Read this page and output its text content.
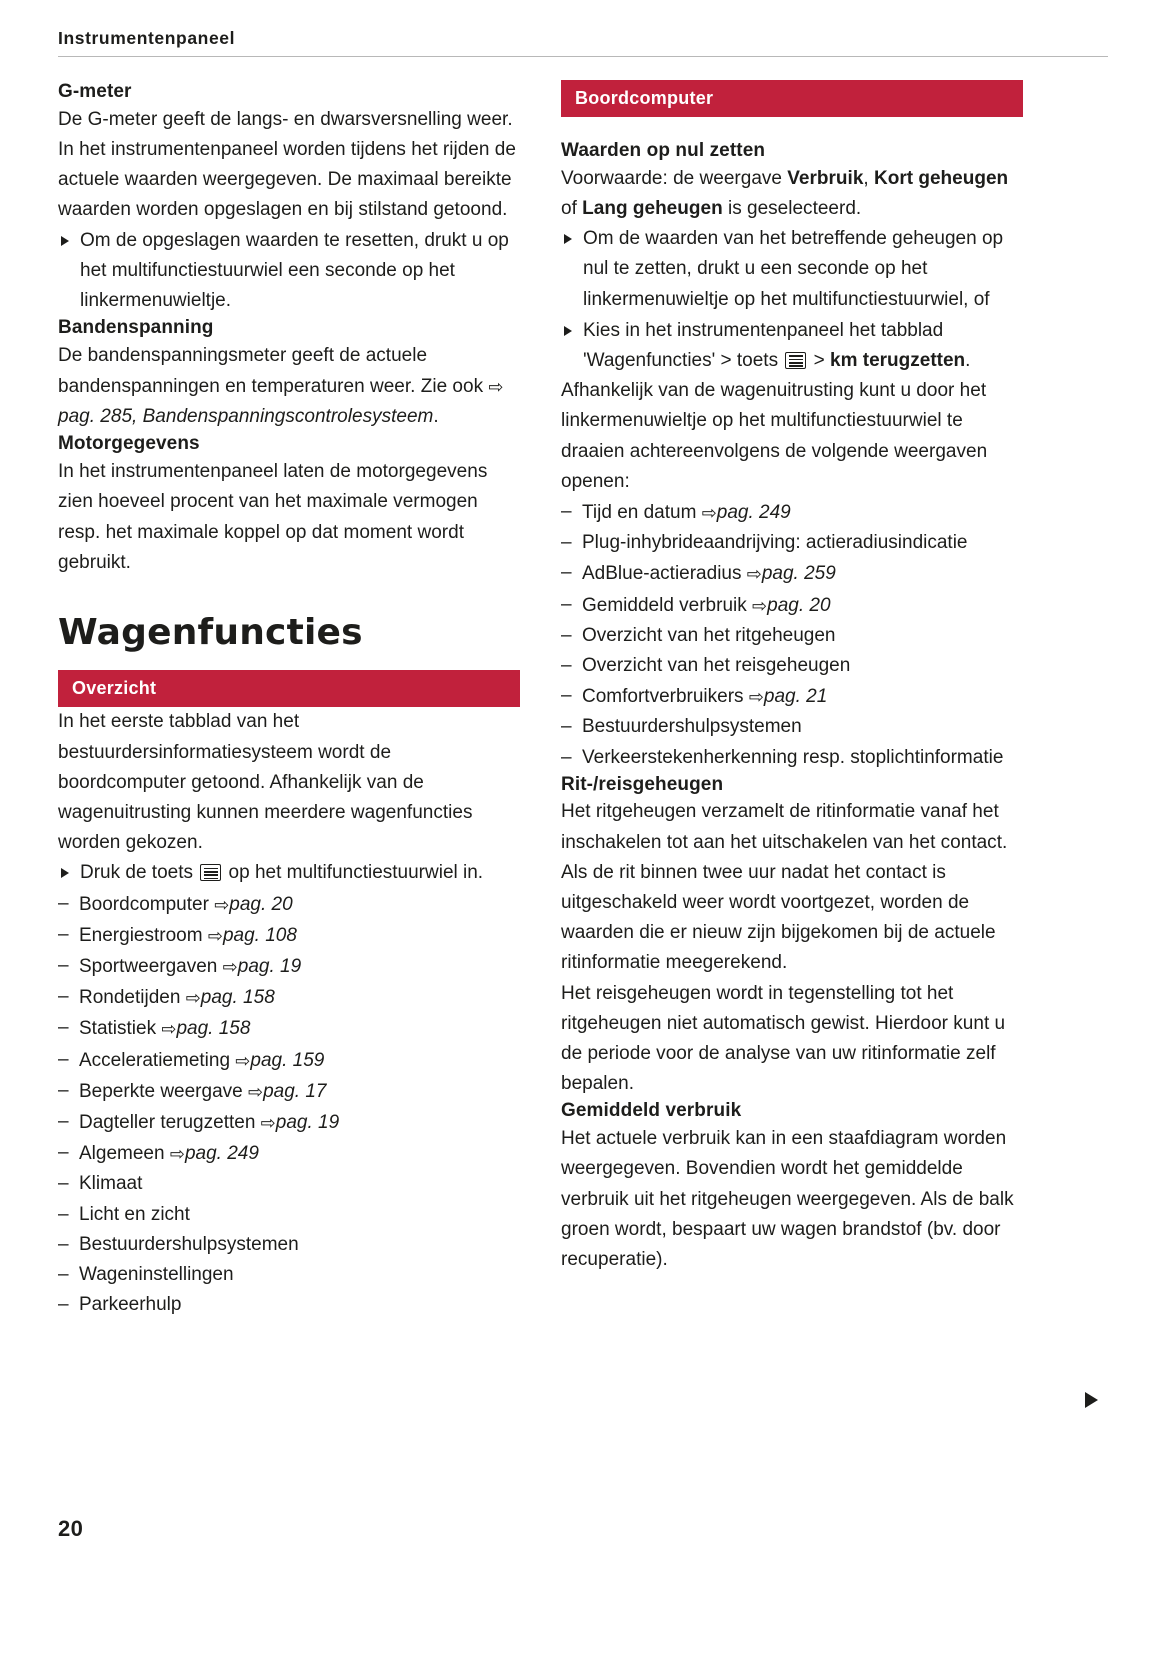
Instrumentenpaneel
G-meter

De G-meter geeft de langs- en dwarsversnelling weer. In het instrumentenpaneel worden tijdens het rijden de actuele waarden weergegeven. De maximaal bereikte waarden worden opgeslagen en bij stilstand getoond.

Om de opgeslagen waarden te resetten, drukt u op het multifunctiestuurwiel een seconde op het linkermenuwieltje.
Bandenspanning

De bandenspanningsmeter geeft de actuele bandenspanningen en temperaturen weer. Zie ook ⇨pag. 285, Bandenspanningscontrolesysteem.

Motorgegevens

In het instrumentenpaneel laten de motorgegevens zien hoeveel procent van het maximale vermogen resp. het maximale koppel op dat moment wordt gebruikt.

Wagenfuncties
Overzicht

In het eerste tabblad van het bestuurdersinformatiesysteem wordt de boordcomputer getoond. Afhankelijk van de wagenuitrusting kunnen meerdere wagenfuncties worden gekozen.

Druk de toets
op het multifunctiestuurwiel in.
– Boordcomputer ⇨pag. 20
– Energiestroom ⇨pag. 108
– Sportweergaven ⇨pag. 19
– Rondetijden ⇨pag. 158
– Statistiek ⇨pag. 158
– Acceleratiemeting ⇨pag. 159
– Beperkte weergave ⇨pag. 17
– Dagteller terugzetten ⇨pag. 19
– Algemeen ⇨pag. 249
– Klimaat
– Licht en zicht
– Bestuurdershulpsystemen
– Wageninstellingen
– Parkeerhulp
Boordcomputer
Waarden op nul zetten

Voorwaarde: de weergave Verbruik, Kort geheugen of Lang geheugen is geselecteerd.

Om de waarden van het betreffende geheugen op nul te zetten, drukt u een seconde op het linkermenuwieltje op het multifunctiestuurwiel, of
Kies in het instrumentenpaneel het tabblad 'Wagenfuncties' > toets
> km terugzetten.

Afhankelijk van de wagenuitrusting kunt u door het linkermenuwieltje op het multifunctiestuurwiel te draaien achtereenvolgens de volgende weergaven openen:

– Tijd en datum ⇨pag. 249
– Plug-inhybrideaandrijving: actieradiusindicatie
– AdBlue-actieradius ⇨pag. 259
– Gemiddeld verbruik ⇨pag. 20
– Overzicht van het ritgeheugen
– Overzicht van het reisgeheugen
– Comfortverbruikers ⇨pag. 21
– Bestuurdershulpsystemen
– Verkeerstekenherkenning resp. stoplichtinformatie
Rit-/reisgeheugen

Het ritgeheugen verzamelt de ritinformatie vanaf het inschakelen tot aan het uitschakelen van het contact. Als de rit binnen twee uur nadat het contact is uitgeschakeld weer wordt voortgezet, worden de waarden die er nieuw zijn bijgekomen bij de actuele ritinformatie meegerekend.

Het reisgeheugen wordt in tegenstelling tot het ritgeheugen niet automatisch gewist. Hierdoor kunt u de periode voor de analyse van uw ritinformatie zelf bepalen.

Gemiddeld verbruik

Het actuele verbruik kan in een staafdiagram worden weergegeven. Bovendien wordt het gemiddelde verbruik uit het ritgeheugen weergegeven. Als de balk groen wordt, bespaart uw wagen brandstof (bv. door recuperatie).

20
